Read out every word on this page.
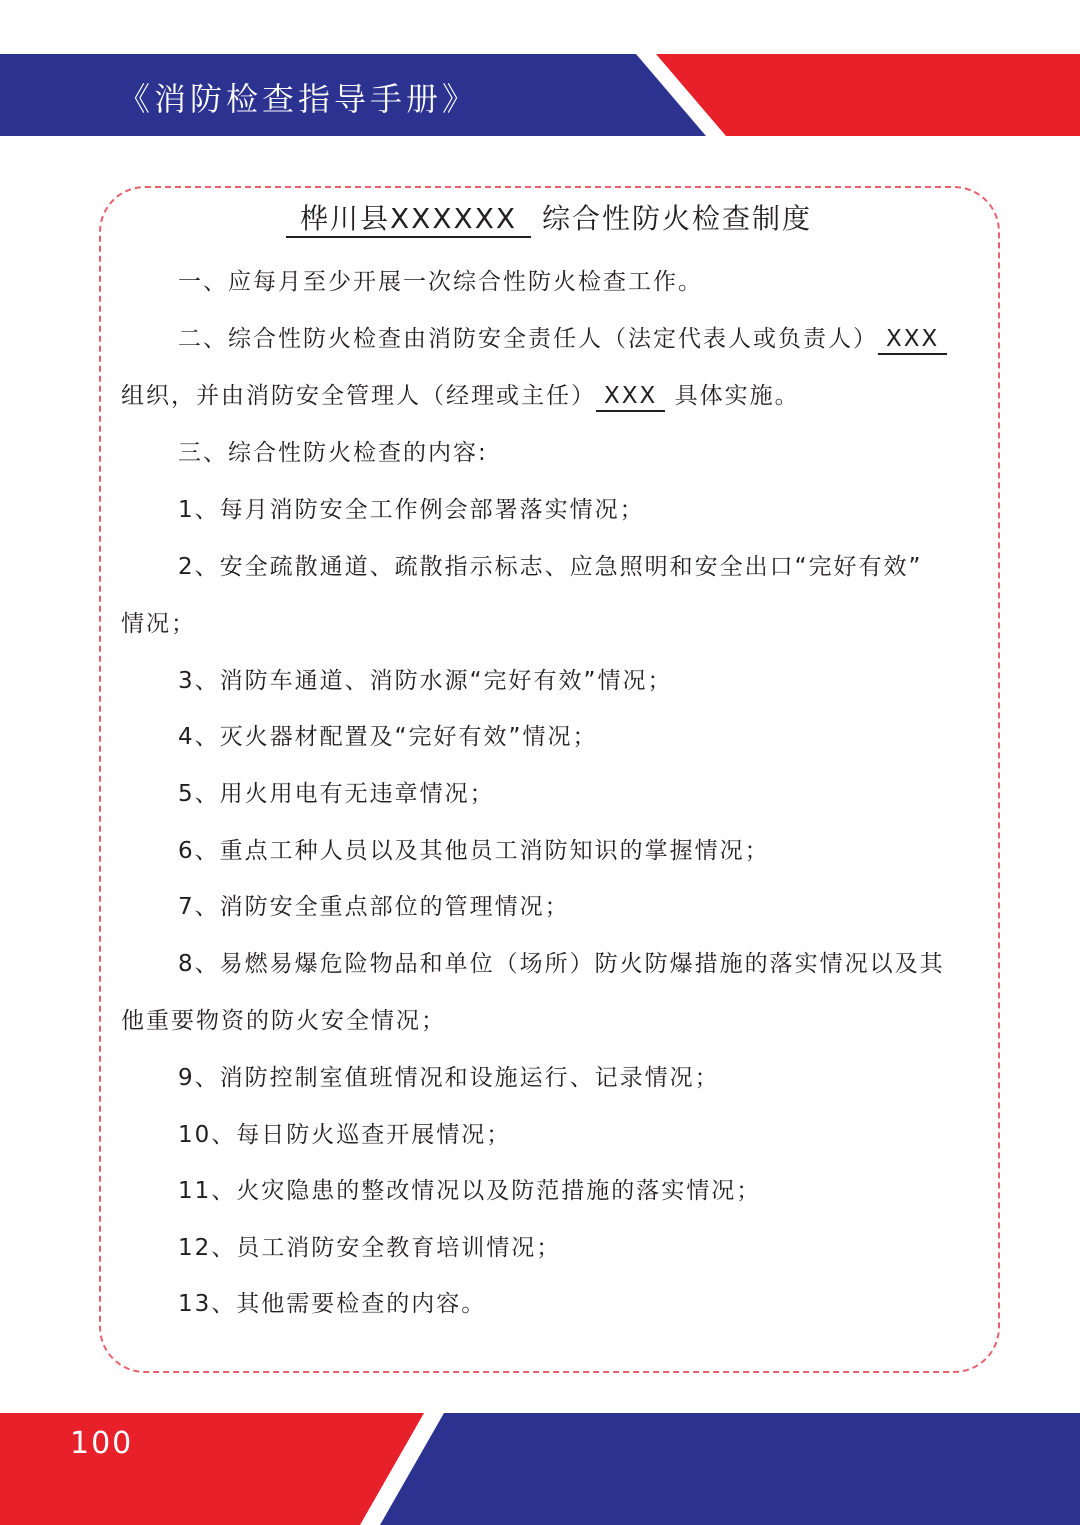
《消防检查指导手册》
桦川县XXXXXX 综合性防火检查制度
一、应每月至少开展一次综合性防火检查工作。
二、综合性防火检查由消防安全责任人（法定代表人或负责人） XXX
组织，并由消防安全管理人（经理或主任） XXX 具体实施。
三、综合性防火检查的内容:
1、每月消防安全工作例会部署落实情况；
2、安全疏散通道、疏散指示标志、应急照明和安全出口“完好有效”
情况；
3、消防车通道、消防水源“完好有效”情况；
4、灭火器材配置及“完好有效”情况；
5、用火用电有无违章情况；
6、重点工种人员以及其他员工消防知识的掌握情况；
7、消防安全重点部位的管理情况；
8、易燃易爆危险物品和单位（场所）防火防爆措施的落实情况以及其
他重要物资的防火安全情况；
9、消防控制室值班情况和设施运行、记录情况；
10、每日防火巡查开展情况；
11、火灾隐患的整改情况以及防范措施的落实情况；
12、员工消防安全教育培训情况；
13、其他需要检查的内容。
